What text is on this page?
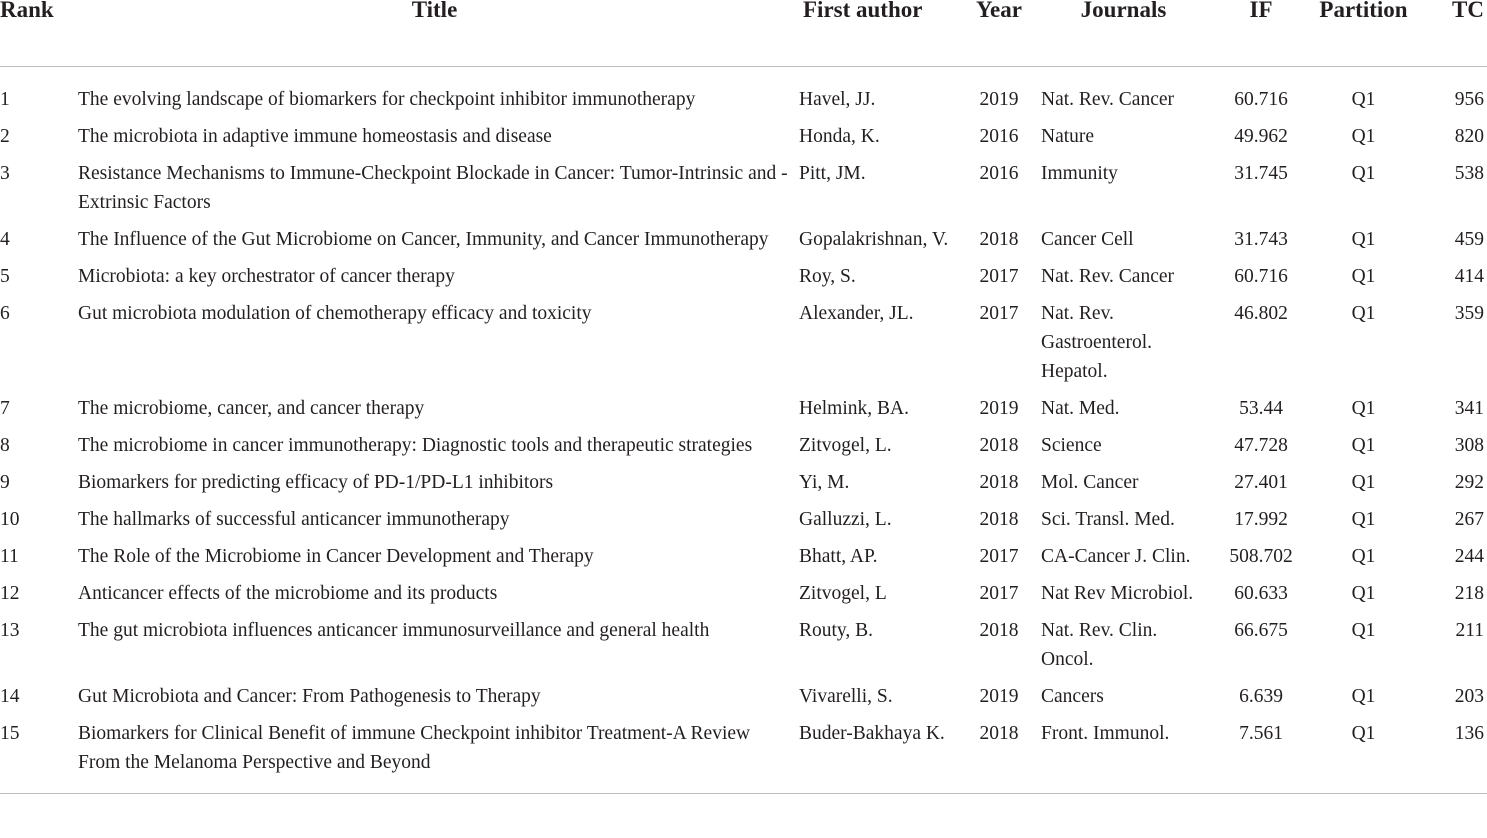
Rank	Title	First author	Year	Journals	IF	Partition	TC
1	The evolving landscape of biomarkers for checkpoint inhibitor immunotherapy	Havel, JJ.	2019	Nat. Rev. Cancer	60.716	Q1	956
2	The microbiota in adaptive immune homeostasis and disease	Honda, K.	2016	Nature	49.962	Q1	820
3	Resistance Mechanisms to Immune-Checkpoint Blockade in Cancer: Tumor-Intrinsic and -Extrinsic Factors	Pitt, JM.	2016	Immunity	31.745	Q1	538
4	The Influence of the Gut Microbiome on Cancer, Immunity, and Cancer Immunotherapy	Gopalakrishnan, V.	2018	Cancer Cell	31.743	Q1	459
5	Microbiota: a key orchestrator of cancer therapy	Roy, S.	2017	Nat. Rev. Cancer	60.716	Q1	414
6	Gut microbiota modulation of chemotherapy efficacy and toxicity	Alexander, JL.	2017	Nat. Rev. Gastroenterol. Hepatol.	46.802	Q1	359
7	The microbiome, cancer, and cancer therapy	Helmink, BA.	2019	Nat. Med.	53.44	Q1	341
8	The microbiome in cancer immunotherapy: Diagnostic tools and therapeutic strategies	Zitvogel, L.	2018	Science	47.728	Q1	308
9	Biomarkers for predicting efficacy of PD-1/PD-L1 inhibitors	Yi, M.	2018	Mol. Cancer	27.401	Q1	292
10	The hallmarks of successful anticancer immunotherapy	Galluzzi, L.	2018	Sci. Transl. Med.	17.992	Q1	267
11	The Role of the Microbiome in Cancer Development and Therapy	Bhatt, AP.	2017	CA-Cancer J. Clin.	508.702	Q1	244
12	Anticancer effects of the microbiome and its products	Zitvogel, L	2017	Nat Rev Microbiol.	60.633	Q1	218
13	The gut microbiota influences anticancer immunosurveillance and general health	Routy, B.	2018	Nat. Rev. Clin. Oncol.	66.675	Q1	211
14	Gut Microbiota and Cancer: From Pathogenesis to Therapy	Vivarelli, S.	2019	Cancers	6.639	Q1	203
15	Biomarkers for Clinical Benefit of immune Checkpoint inhibitor Treatment-A Review From the Melanoma Perspective and Beyond	Buder-Bakhaya K.	2018	Front. Immunol.	7.561	Q1	136
